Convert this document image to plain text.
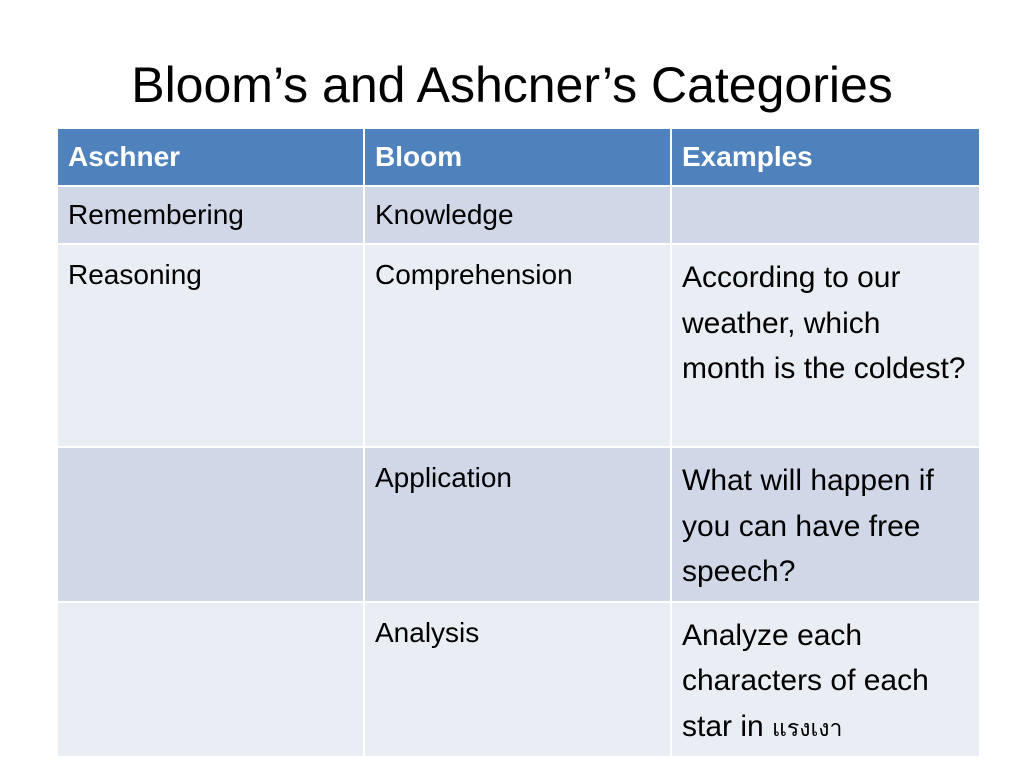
Bloom’s and Ashcner’s Categories
Aschner	Bloom	Examples
Remembering	Knowledge	
Reasoning	Comprehension	According to our weather, which month is the coldest?
	Application	What will happen if you can have free speech?
	Analysis	Analyze each characters of each star in แรงเงา
